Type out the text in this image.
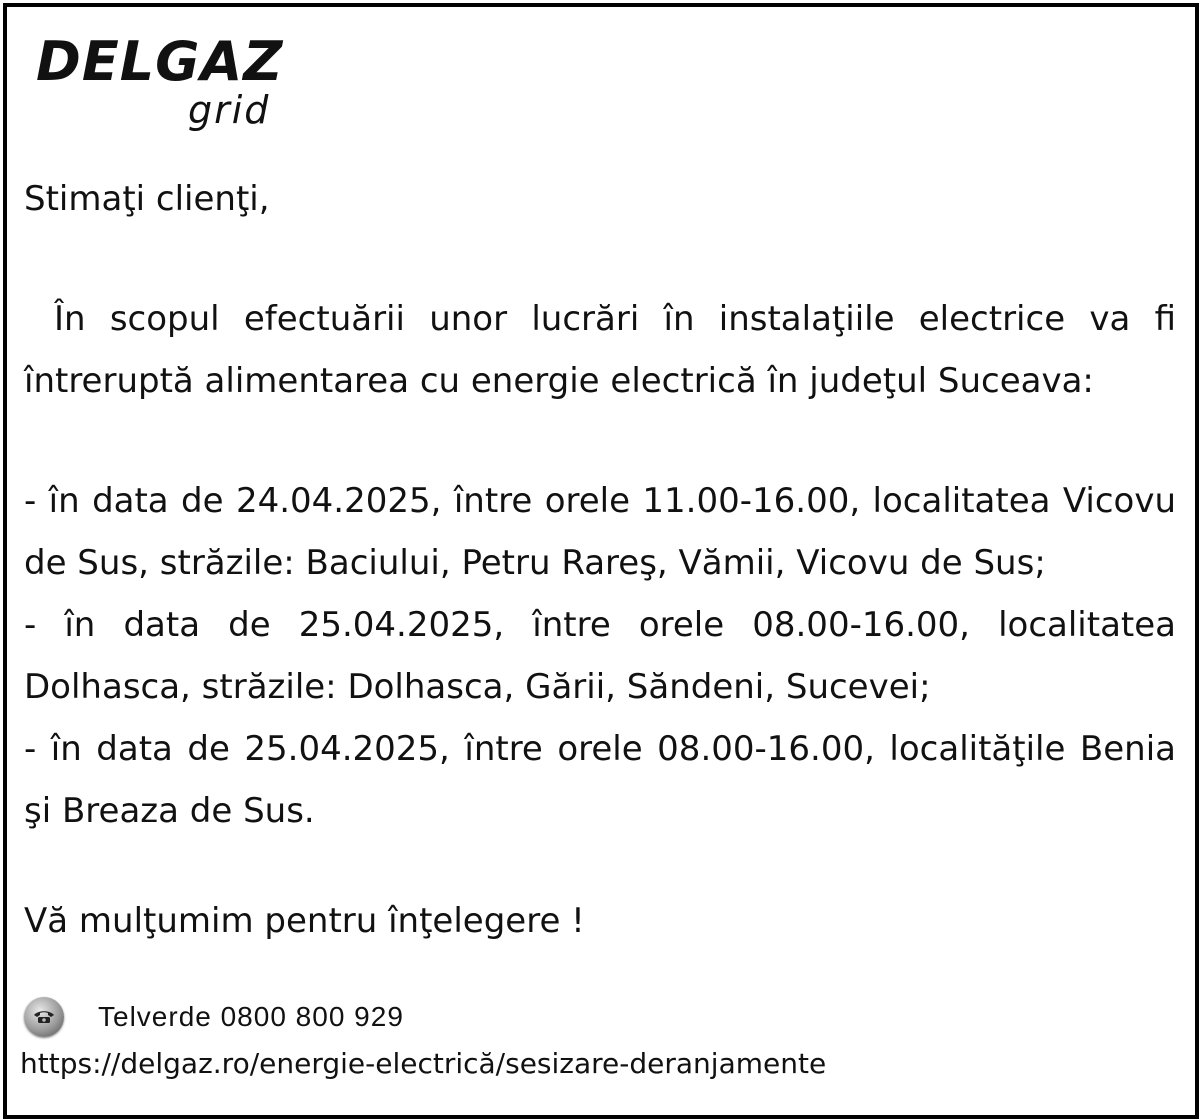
DELGAZ
grid
Stimaţi clienţi,
În scopul efectuării unor lucrări în instalaţiile electrice va fi întreruptă alimentarea cu energie electrică în judeţul Suceava:

- în data de 24.04.2025, între orele 11.00-16.00, localitatea Vicovu de Sus, străzile: Baciului, Petru Rareş, Vămii, Vicovu de Sus;

- în data de 25.04.2025, între orele 08.00-16.00, localitatea Dolhasca, străzile: Dolhasca, Gării, Săndeni, Sucevei;

- în data de 25.04.2025, între orele 08.00-16.00, localităţile Benia şi Breaza de Sus.

Vă mulţumim pentru înţelegere !
Telverde 0800 800 929
https://delgaz.ro/energie-electrică/sesizare-deranjamente
